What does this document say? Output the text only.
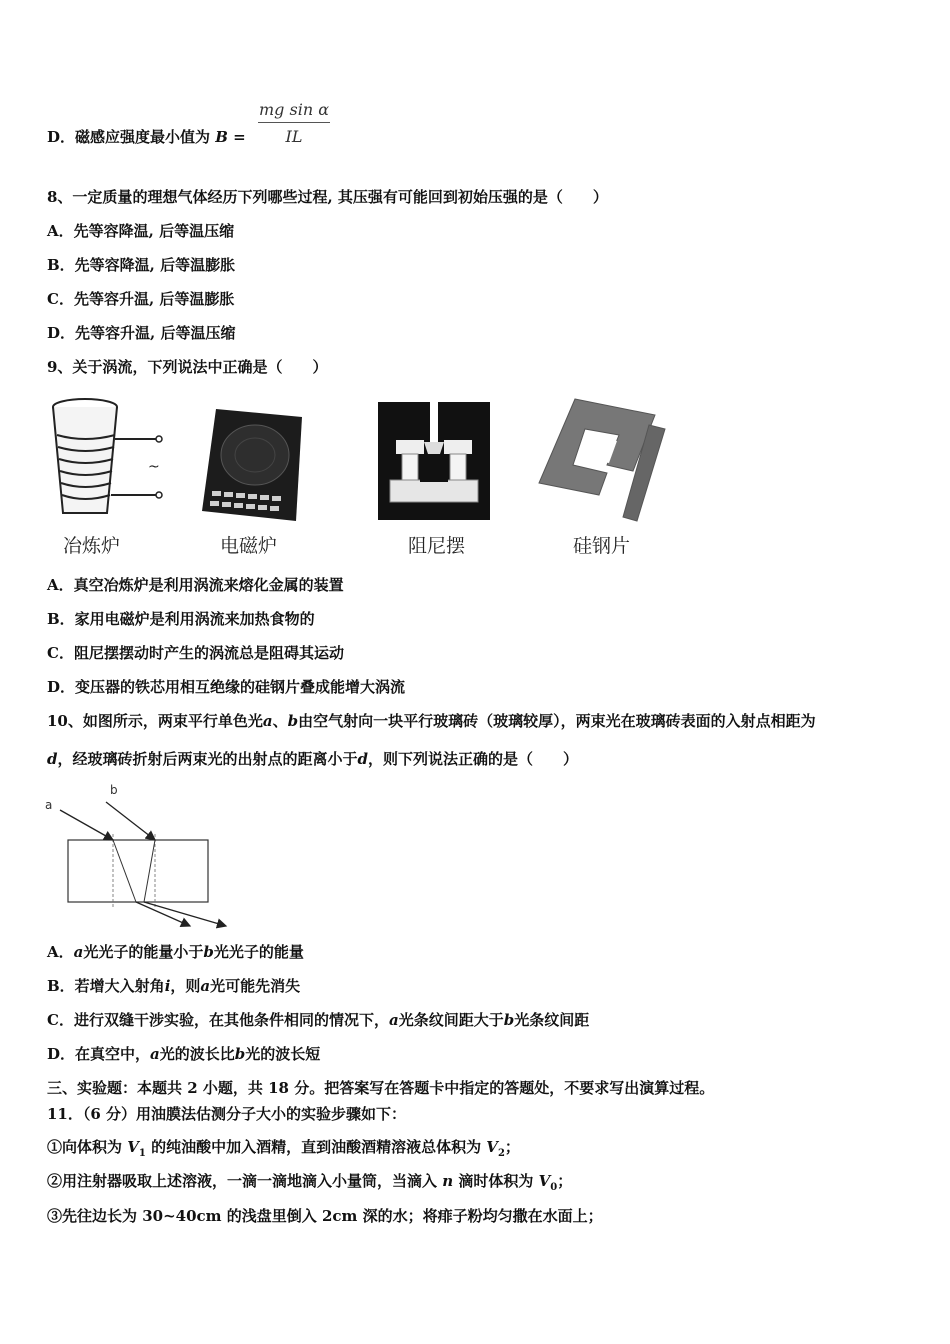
D．磁感应强度最小值为 $B = \frac{\text{mg sin α}}{IL}$
8、一定质量的理想气体经历下列哪些过程, 其压强有可能回到初始压强的是（　　）
A．先等容降温, 后等温压缩
B．先等容降温, 后等温膨胀
C．先等容升温, 后等温膨胀
D．先等容升温, 后等温压缩
9、关于涡流，下列说法中正确是（　　）
~
冶炼炉	电磁炉	阻尼摆	硅钢片
A．真空冶炼炉是利用涡流来熔化金属的装置
B．家用电磁炉是利用涡流来加热食物的
C．阻尼摆摆动时产生的涡流总是阻碍其运动
D．变压器的铁芯用相互绝缘的硅钢片叠成能增大涡流
10、如图所示，两束平行单色光a、b由空气射向一块平行玻璃砖（玻璃较厚），两束光在玻璃砖表面的入射点相距为
d，经玻璃砖折射后两束光的出射点的距离小于d，则下列说法正确的是（　　）
a
b
A．a光光子的能量小于b光光子的能量
B．若增大入射角i，则a光可能先消失
C．进行双缝干涉实验，在其他条件相同的情况下，a光条纹间距大于b光条纹间距
D．在真空中，a光的波长比b光的波长短
三、实验题：本题共 2 小题，共 18 分。把答案写在答题卡中指定的答题处，不要求写出演算过程。
11．（6 分）用油膜法估测分子大小的实验步骤如下：
①向体积为 $V_1$ 的纯油酸中加入酒精，直到油酸酒精溶液总体积为 $V_2$；
②用注射器吸取上述溶液，一滴一滴地滴入小量筒，当滴入 n 滴时体积为 $V_0$；
③先往边长为 30~40cm 的浅盘里倒入 2cm 深的水；将痱子粉均匀撒在水面上；
